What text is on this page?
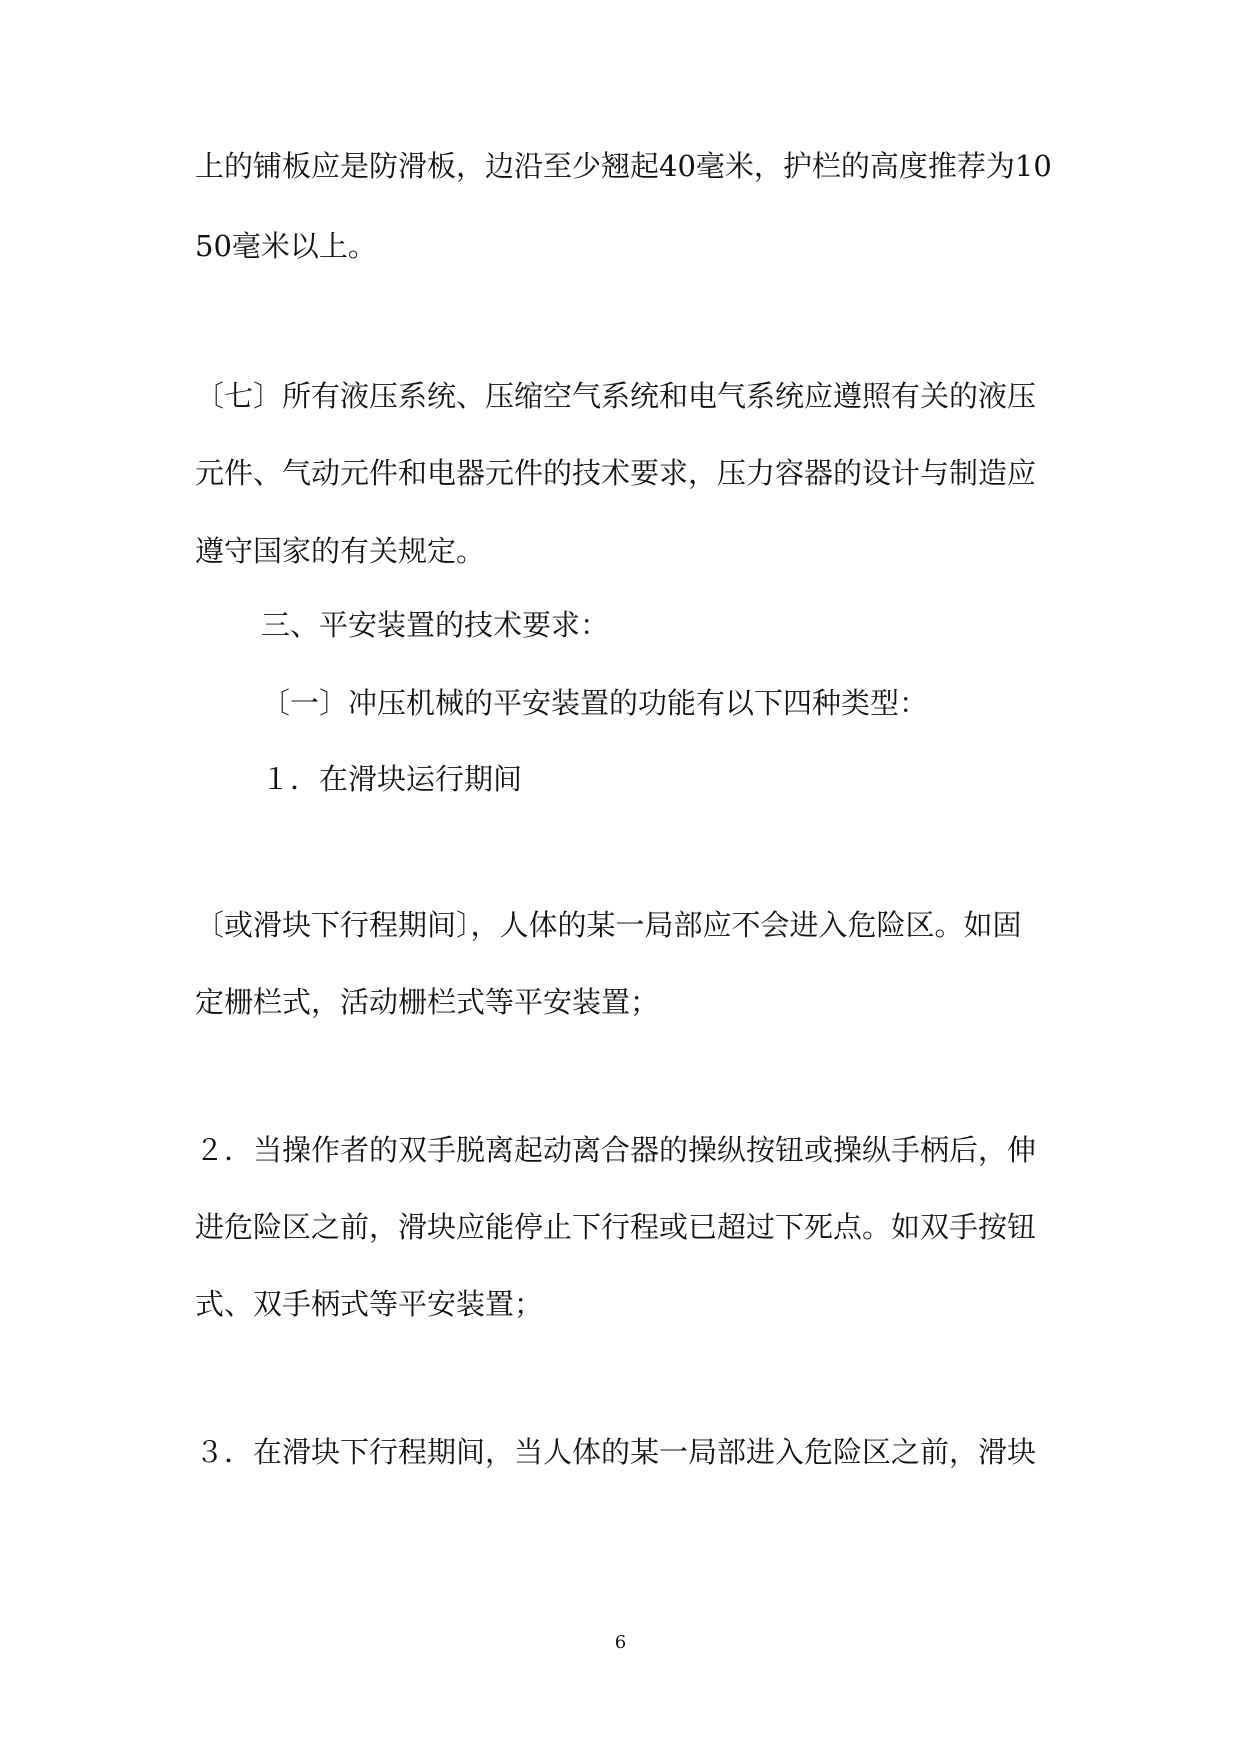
上的铺板应是防滑板，边沿至少翘起40毫米，护栏的高度推荐为10
50毫米以上。
〔七〕所有液压系统、压缩空气系统和电气系统应遵照有关的液压
元件、气动元件和电器元件的技术要求，压力容器的设计与制造应
遵守国家的有关规定。
三、平安装置的技术要求：
〔一〕冲压机械的平安装置的功能有以下四种类型：
１．在滑块运行期间
〔或滑块下行程期间〕，人体的某一局部应不会进入危险区。如固
定栅栏式，活动栅栏式等平安装置；
２．当操作者的双手脱离起动离合器的操纵按钮或操纵手柄后，伸
进危险区之前，滑块应能停止下行程或已超过下死点。如双手按钮
式、双手柄式等平安装置；
３．在滑块下行程期间，当人体的某一局部进入危险区之前，滑块
6
